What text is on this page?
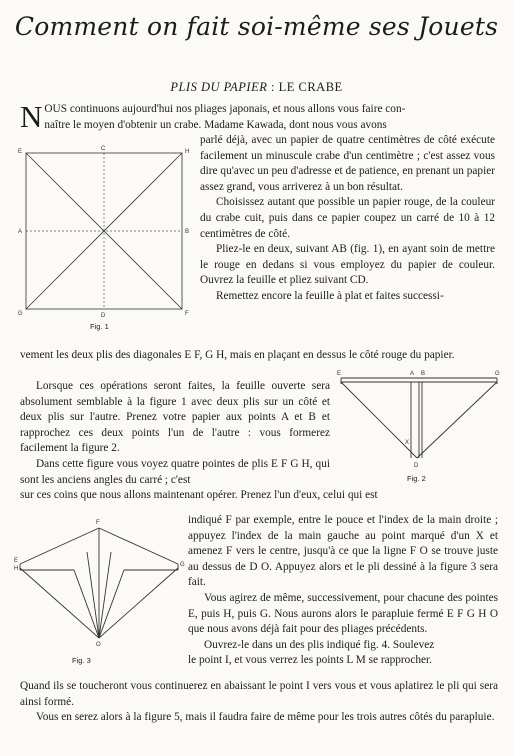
Comment on fait soi-même ses Jouets
PLIS DU PAPIER : LE CRABE
N OUS continuons aujourd'hui nos pliages japonais, et nous allons vous faire con-
naître le moyen d'obtenir un crabe. Madame Kawada, dont nous vous avons
E	C	H
A	B
G	D	F
Fig. 1

parlé déjà, avec un papier de quatre centimètres de côté exécute facilement un minuscule crabe d'un centimètre ; c'est assez vous dire qu'avec un peu d'adresse et de patience, en prenant un papier assez grand, vous arriverez à un bon résultat.

Choisissez autant que possible un papier rouge, de la couleur du crabe cuit, puis dans ce papier coupez un carré de 10 à 12 centimètres de côté.

Pliez-le en deux, suivant AB (fig. 1), en ayant soin de mettre le rouge en dedans si vous employez du papier de couleur. Ouvrez la feuille et pliez suivant CD.

Remettez encore la feuille à plat et faites successi-

vement les deux plis des diagonales E F, G H, mais en plaçant en dessus le côté rouge du papier.

Lorsque ces opérations seront faites, la feuille ouverte sera absolument semblable à la figure 1 avec deux plis sur un côté et deux plis sur l'autre. Prenez votre papier aux points A et B et rapprochez ces deux points l'un de l'autre : vous formerez facilement la figure 2.

Dans cette figure vous voyez quatre pointes de plis E F G H, qui sont les anciens angles du carré ; c'est

E	A B	G
X
D
Fig. 2
sur ces coins que nous allons maintenant opérer. Prenez l'un d'eux, celui qui est
F
E
H
G
O
Fig. 3

indiqué F par exemple, entre le pouce et l'index de la main droite ; appuyez l'index de la main gauche au point marqué d'un X et amenez F vers le centre, jusqu'à ce que la ligne F O se trouve juste au dessus de D O. Appuyez alors et le pli dessiné à la figure 3 sera fait.

Vous agirez de même, successivement, pour chacune des pointes E, puis H, puis G. Nous aurons alors le parapluie fermé E F G H O que nous avons déjà fait pour des pliages précédents.

Ouvrez-le dans un des plis indiqué fig. 4. Soulevez

le point I, et vous verrez les points L M se rapprocher.

Quand ils se toucheront vous continuerez en abaissant le point I vers vous et vous aplatirez le pli qui sera ainsi formé.

Vous en serez alors à la figure 5, mais il faudra faire de même pour les trois autres côtés du parapluie.
